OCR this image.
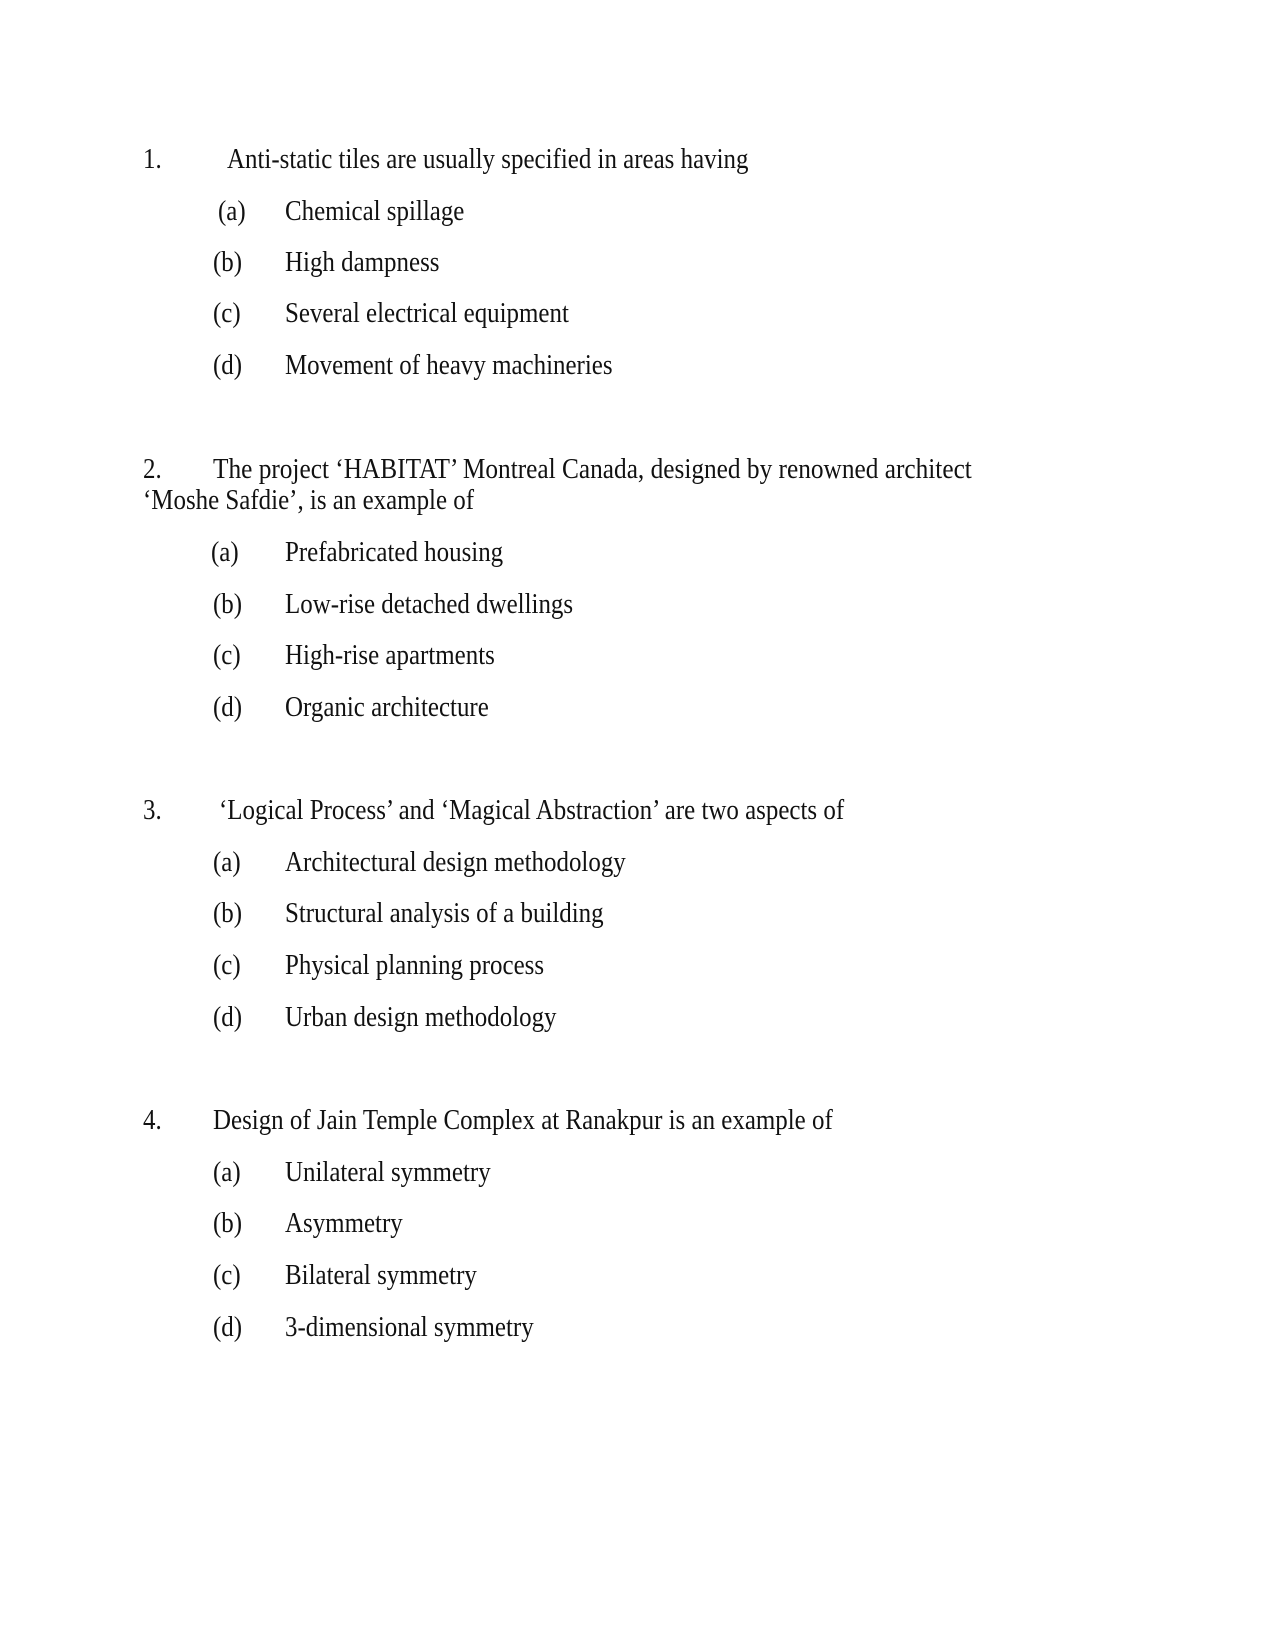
1. Anti-static tiles are usually specified in areas having
(a) Chemical spillage
(b) High dampness
(c) Several electrical equipment
(d) Movement of heavy machineries
2. The project ‘HABITAT’ Montreal Canada, designed by renowned architect
‘Moshe Safdie’, is an example of
(a) Prefabricated housing
(b) Low-rise detached dwellings
(c) High-rise apartments
(d) Organic architecture
3. ‘Logical Process’ and ‘Magical Abstraction’ are two aspects of
(a) Architectural design methodology
(b) Structural analysis of a building
(c) Physical planning process
(d) Urban design methodology
4. Design of Jain Temple Complex at Ranakpur is an example of
(a) Unilateral symmetry
(b) Asymmetry
(c) Bilateral symmetry
(d) 3-dimensional symmetry
